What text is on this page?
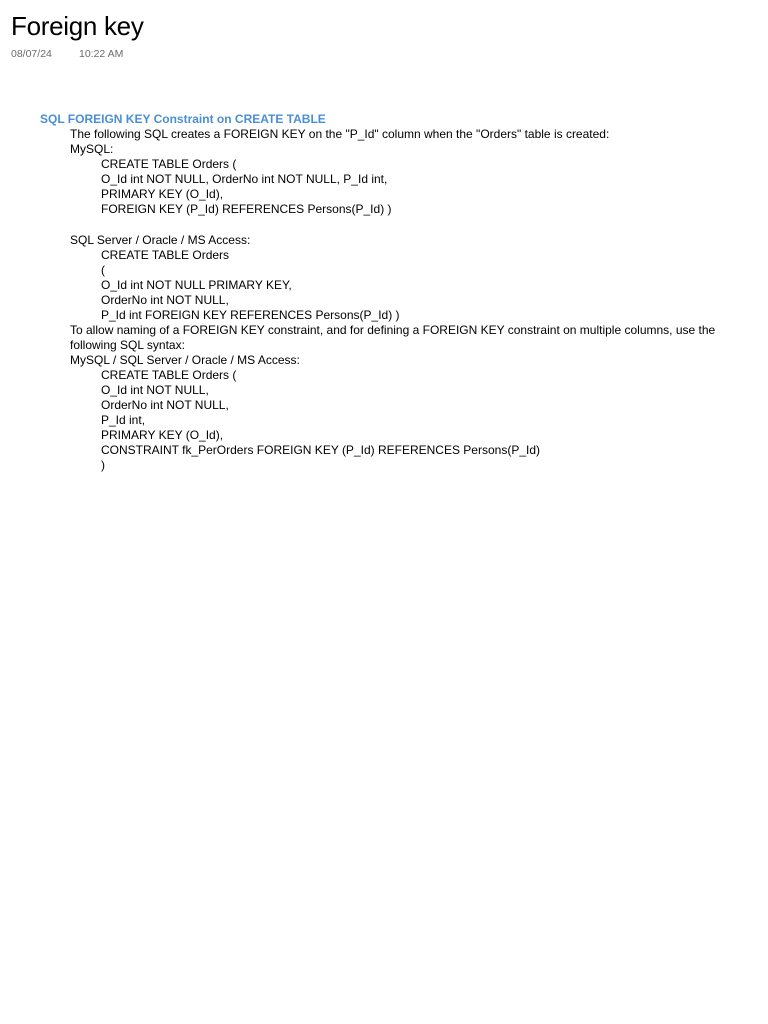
Foreign key
08/07/24	10:22 AM

SQL FOREIGN KEY Constraint on CREATE TABLE

The following SQL creates a FOREIGN KEY on the "P_Id" column when the "Orders" table is created:

MySQL:

CREATE TABLE Orders (

O_Id int NOT NULL, OrderNo int NOT NULL, P_Id int,

PRIMARY KEY (O_Id),

FOREIGN KEY (P_Id) REFERENCES Persons(P_Id) )

SQL Server / Oracle / MS Access:

CREATE TABLE Orders

(

O_Id int NOT NULL PRIMARY KEY,

OrderNo int NOT NULL,

P_Id int FOREIGN KEY REFERENCES Persons(P_Id) )

To allow naming of a FOREIGN KEY constraint, and for defining a FOREIGN KEY constraint on multiple columns, use the following SQL syntax:

MySQL / SQL Server / Oracle / MS Access:

CREATE TABLE Orders (

O_Id int NOT NULL,

OrderNo int NOT NULL,

P_Id int,

PRIMARY KEY (O_Id),

CONSTRAINT fk_PerOrders FOREIGN KEY (P_Id) REFERENCES Persons(P_Id)

)
